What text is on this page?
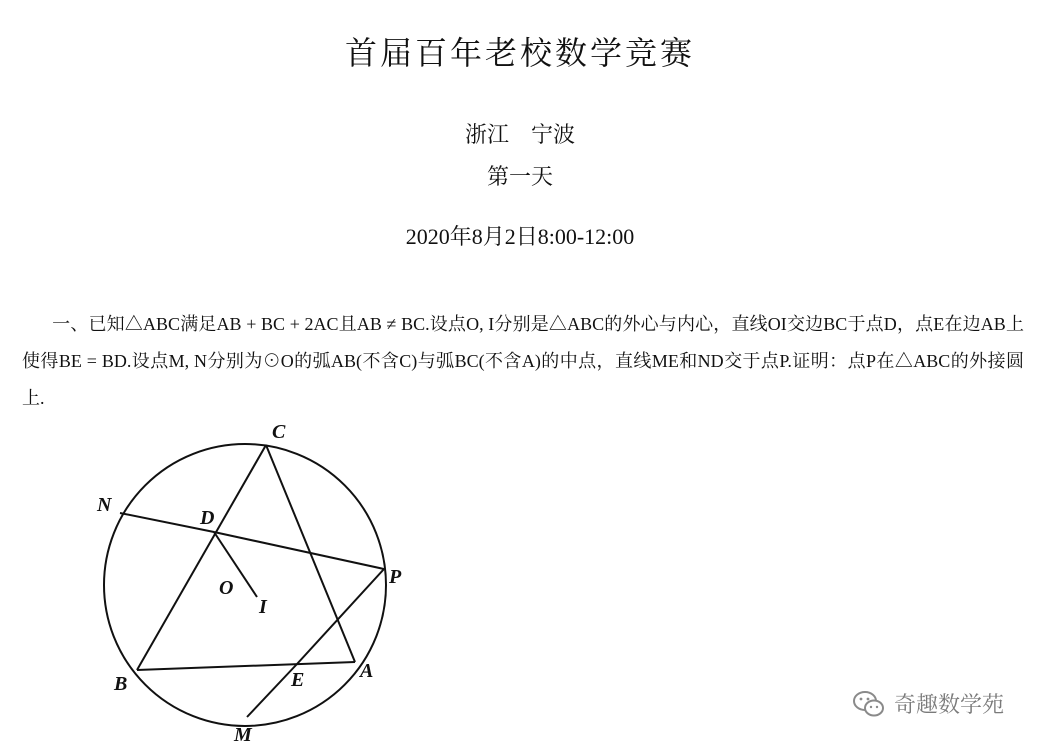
首届百年老校数学竞赛
浙江　宁波
第一天
2020年8月2日8:00-12:00
一、已知△ABC满足AB + BC + 2AC且AB ≠ BC.设点O, I分别是△ABC的外心与内心，直线OI交边BC于点D，点E在边AB上使得BE = BD.设点M, N分别为⊙O的弧AB(不含C)与弧BC(不含A)的中点，直线ME和ND交于点P.证明：点P在△ABC的外接圆上.
C
N
D
O
I
P
B	E	A
M
奇趣数学苑
